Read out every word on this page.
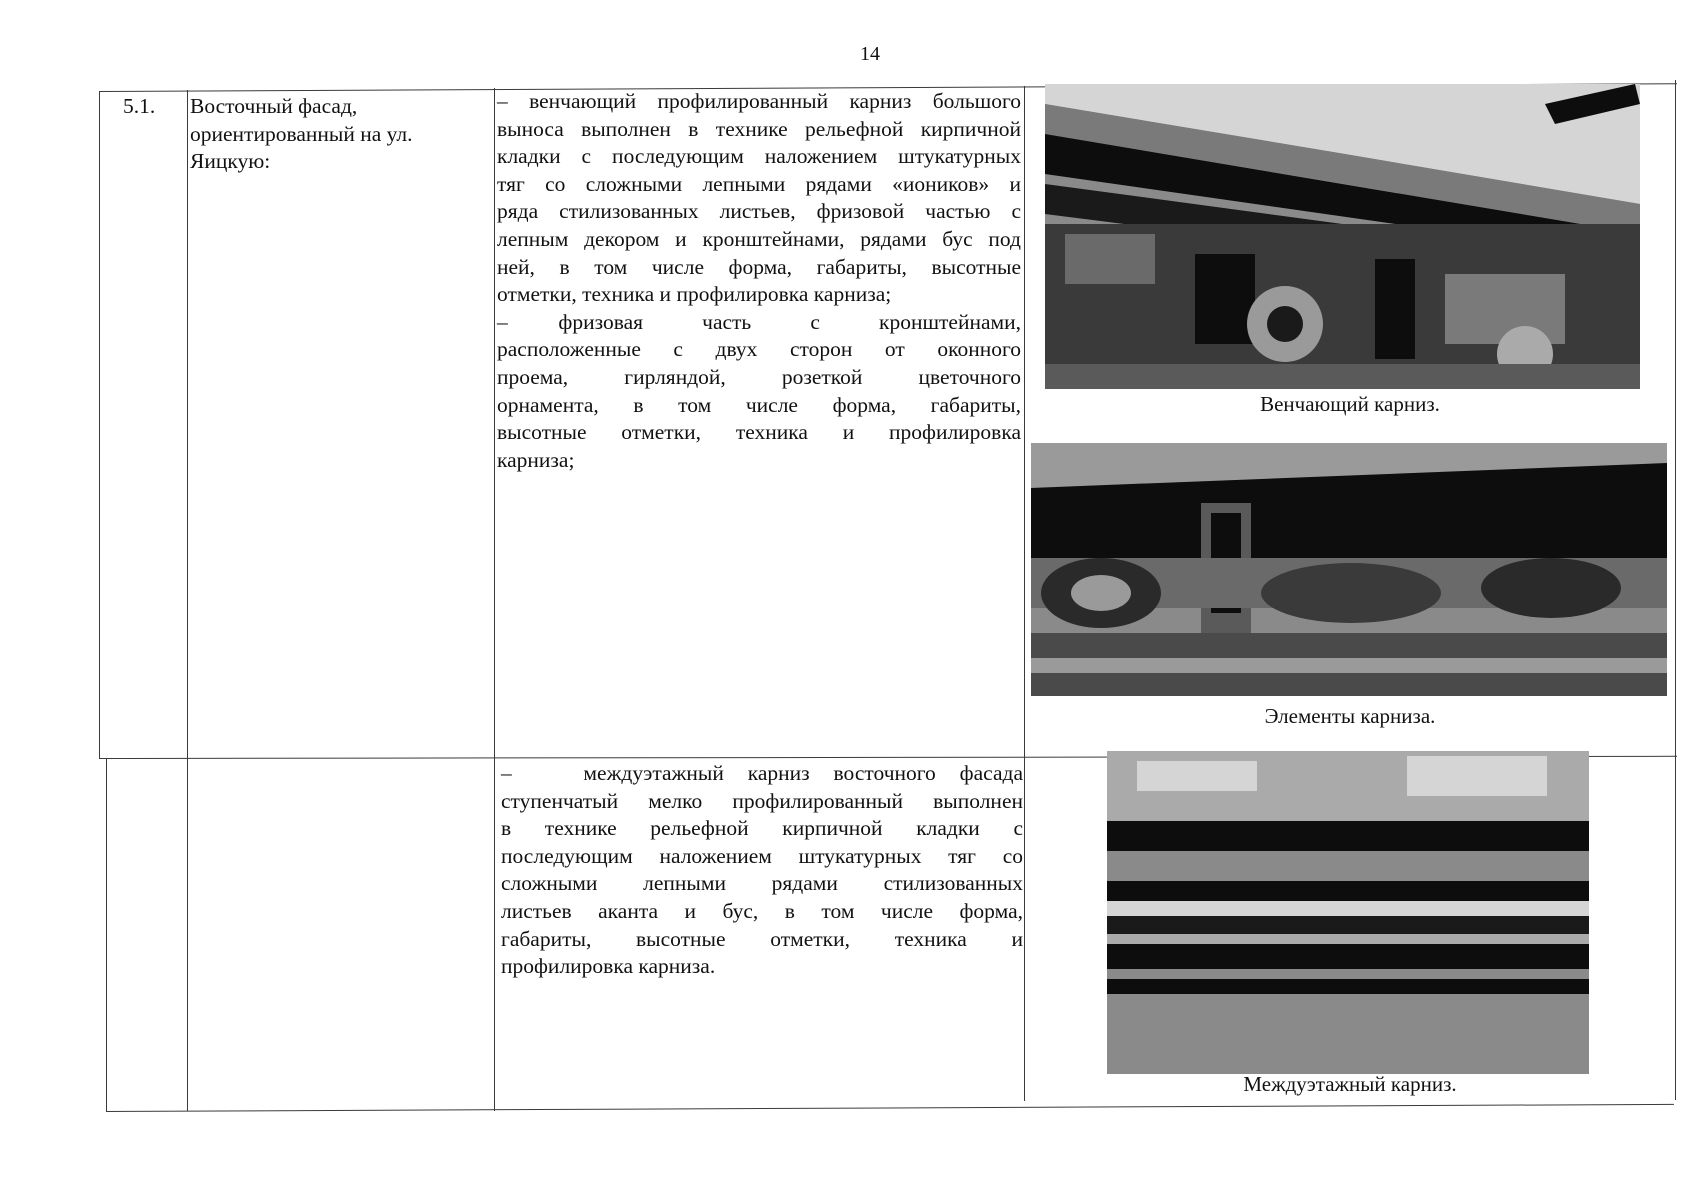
14
5.1. Восточный фасад,
ориентированный на ул.
Яицкую:
– венчающий профилированный карниз большого
выноса выполнен в технике рельефной кирпичной
кладки с последующим наложением штукатурных
тяг со сложными лепными рядами «иоников» и
ряда стилизованных листьев, фризовой частью с
лепным декором и кронштейнами, рядами бус под
ней, в том числе форма, габариты, высотные
отметки, техника и профилировка карниза;
–      фризовая       часть       с       кронштейнами,
расположенные с двух сторон от оконного
проема, гирляндой, розеткой цветочного
орнамента, в том числе форма, габариты,
высотные отметки, техника и профилировка
карниза;
Венчающий карниз.
Элементы карниза.
–   междуэтажный карниз восточного фасада
ступенчатый мелко профилированный выполнен
в технике рельефной кирпичной кладки с
последующим наложением штукатурных тяг со
сложными лепными рядами стилизованных
листьев аканта и бус, в том числе форма,
габариты, высотные отметки, техника и
профилировка карниза.
Междуэтажный карниз.
